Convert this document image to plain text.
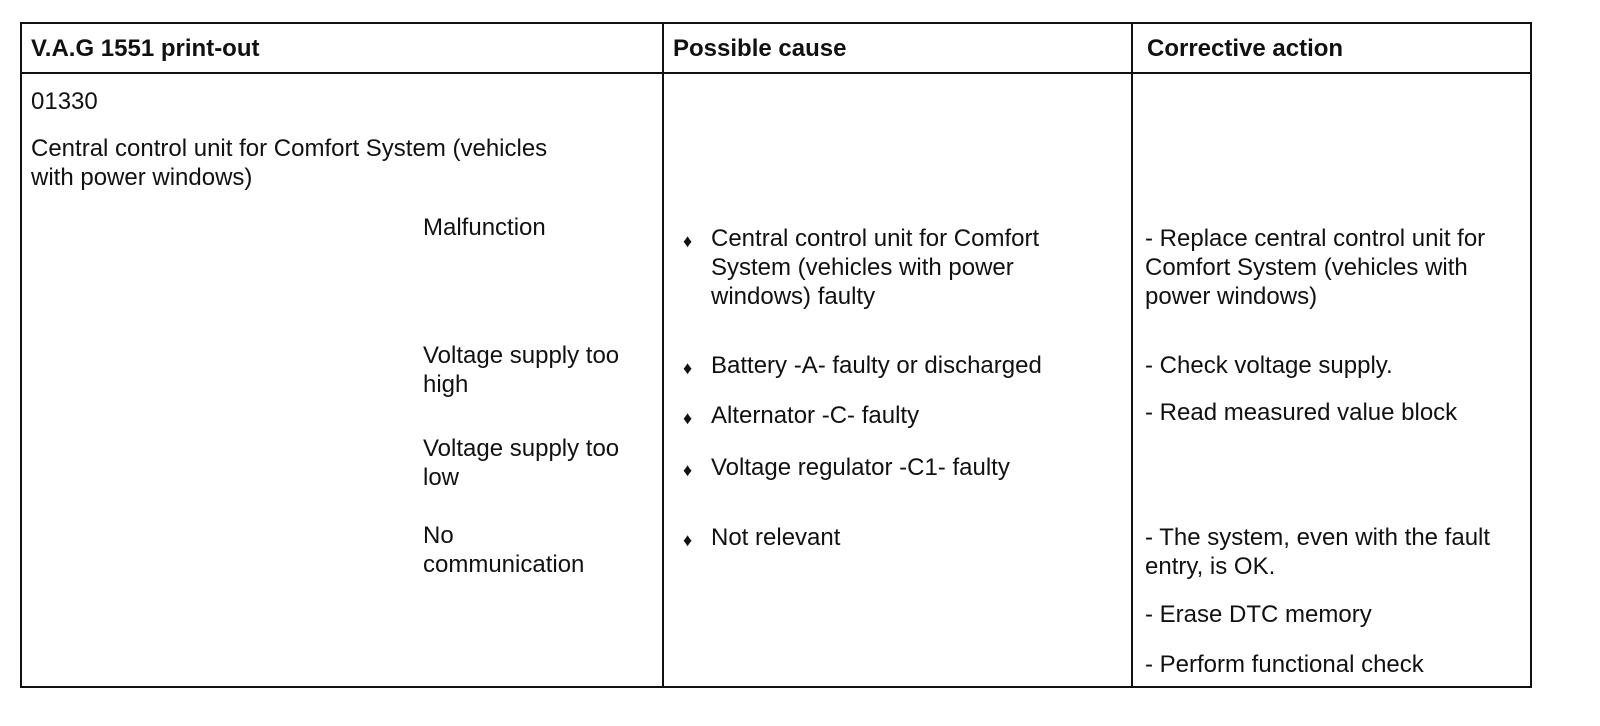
V.A.G 1551 print-out	Possible cause	Corrective action
01330
Central control unit for Comfort System (vehicles
with power windows)
Malfunction
Voltage supply too
high
Voltage supply too
low
No
communication
♦ Central control unit for Comfort
System (vehicles with power
windows) faulty
♦ Battery -A- faulty or discharged
♦ Alternator -C- faulty
♦ Voltage regulator -C1- faulty
♦ Not relevant
- Replace central control unit for
Comfort System (vehicles with
power windows)
- Check voltage supply.
- Read measured value block
- The system, even with the fault
entry, is OK.
- Erase DTC memory
- Perform functional check
